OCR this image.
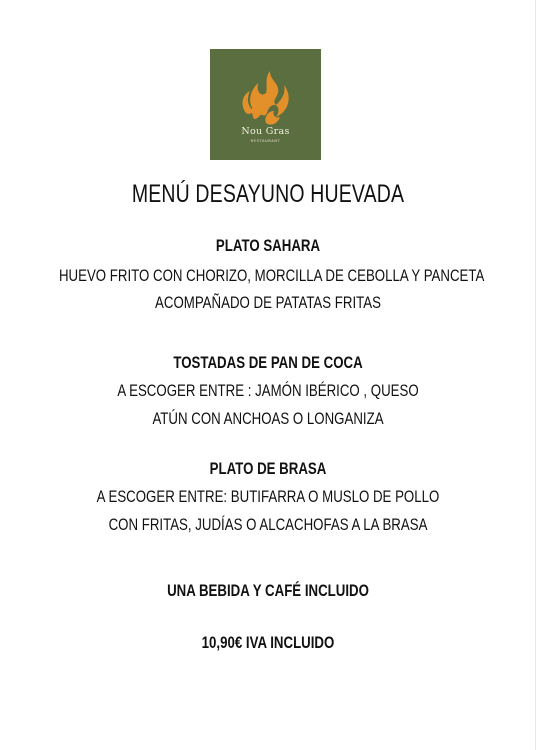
Nou Gras
RESTAURANT
MENÚ DESAYUNO HUEVADA
PLATO SAHARA
HUEVO FRITO CON CHORIZO, MORCILLA DE CEBOLLA Y PANCETA
ACOMPAÑADO DE PATATAS FRITAS
TOSTADAS DE PAN DE COCA
A ESCOGER ENTRE : JAMÓN IBÉRICO , QUESO
ATÚN CON ANCHOAS O LONGANIZA
PLATO DE BRASA
A ESCOGER ENTRE: BUTIFARRA O MUSLO DE POLLO
CON FRITAS, JUDÍAS O ALCACHOFAS A LA BRASA
UNA BEBIDA Y CAFÉ INCLUIDO
10,90€ IVA INCLUIDO
